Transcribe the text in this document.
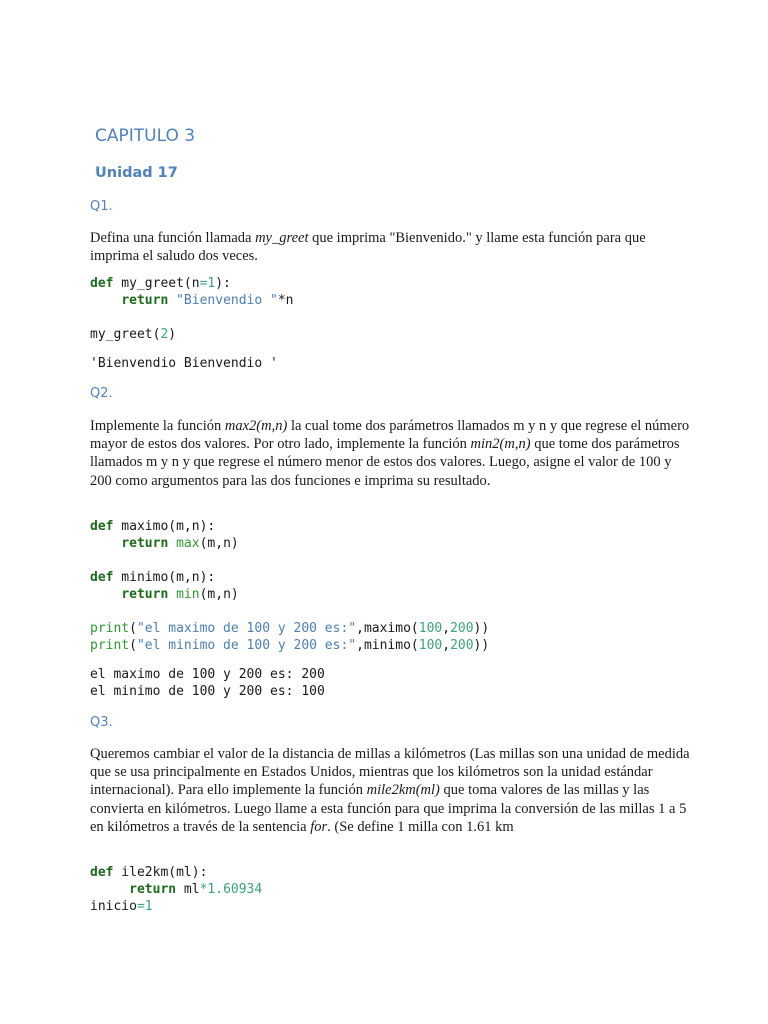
CAPITULO 3
Unidad 17
Q1.

Defina una función llamada my_greet que imprima "Bienvenido." y llame esta función para que imprima el saludo dos veces.

def my_greet(n=1):
return "Bienvendio "*n
my_greet(2)
'Bienvendio Bienvendio '
Q2.

Implemente la función max2(m,n) la cual tome dos parámetros llamados m y n y que regrese el número mayor de estos dos valores. Por otro lado, implemente la función min2(m,n) que tome dos parámetros llamados m y n y que regrese el número menor de estos dos valores. Luego, asigne el valor de 100 y 200 como argumentos para las dos funciones e imprima su resultado.

def maximo(m,n):
return max(m,n)
def minimo(m,n):
return min(m,n)
print("el maximo de 100 y 200 es:",maximo(100,200))
print("el minimo de 100 y 200 es:",minimo(100,200))
el maximo de 100 y 200 es: 200
el minimo de 100 y 200 es: 100
Q3.

Queremos cambiar el valor de la distancia de millas a kilómetros (Las millas son una unidad de medida que se usa principalmente en Estados Unidos, mientras que los kilómetros son la unidad estándar internacional). Para ello implemente la función mile2km(ml) que toma valores de las millas y las convierta en kilómetros. Luego llame a esta función para que imprima la conversión de las millas 1 a 5 en kilómetros a través de la sentencia for. (Se define 1 milla con 1.61 km

def ile2km(ml):
return ml*1.60934
inicio=1
